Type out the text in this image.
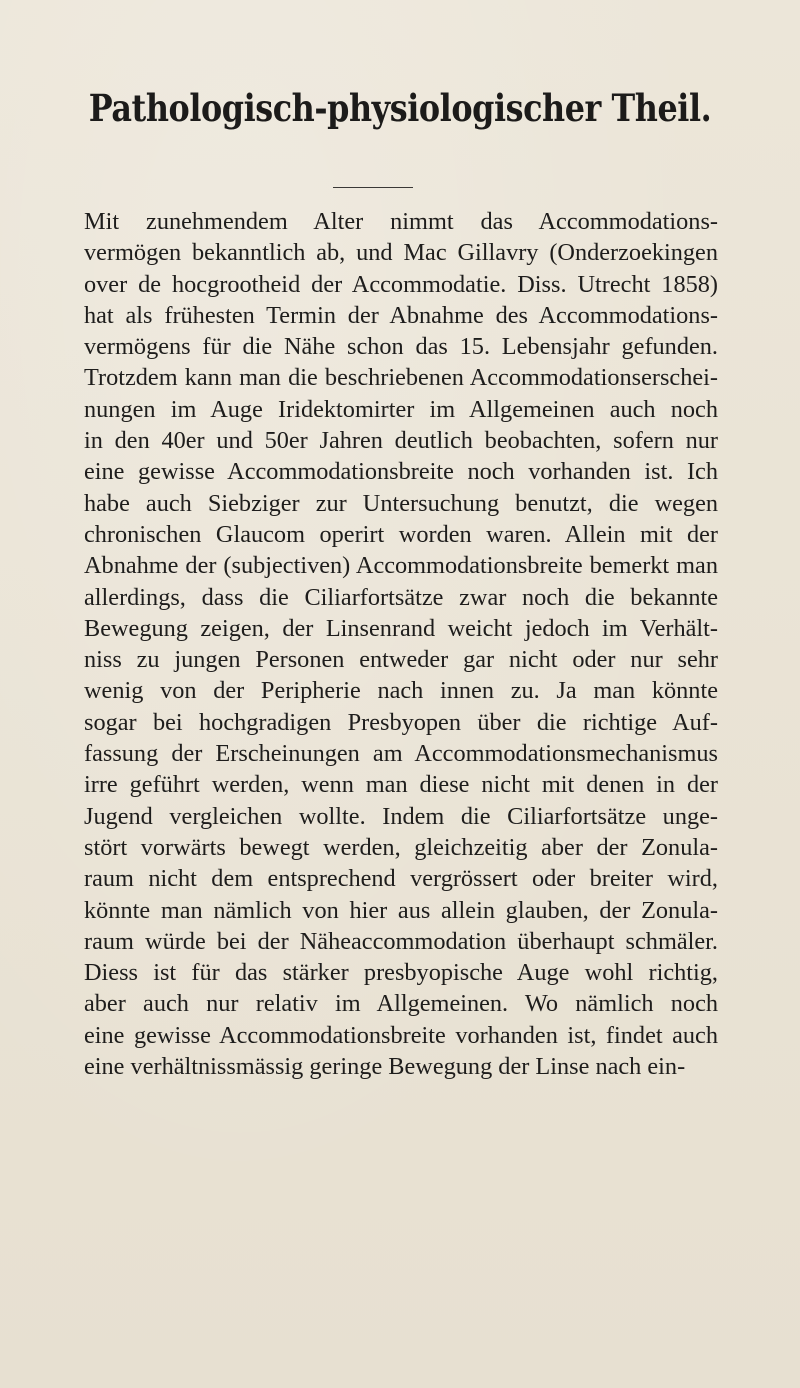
Pathologisch-physiologischer Theil.
Mit zunehmendem Alter nimmt das Accommodations-
vermögen bekanntlich ab, und Mac Gillavry (Onderzoekingen
over de hocgrootheid der Accommodatie. Diss. Utrecht 1858)
hat als frühesten Termin der Abnahme des Accommodations-
vermögens für die Nähe schon das 15. Lebensjahr gefunden.
Trotzdem kann man die beschriebenen Accommodationserschei-
nungen im Auge Iridektomirter im Allgemeinen auch noch
in den 40er und 50er Jahren deutlich beobachten, sofern nur
eine gewisse Accommodationsbreite noch vorhanden ist. Ich
habe auch Siebziger zur Untersuchung benutzt, die wegen
chronischen Glaucom operirt worden waren. Allein mit der
Abnahme der (subjectiven) Accommodationsbreite bemerkt man
allerdings, dass die Ciliarfortsätze zwar noch die bekannte
Bewegung zeigen, der Linsenrand weicht jedoch im Verhält-
niss zu jungen Personen entweder gar nicht oder nur sehr
wenig von der Peripherie nach innen zu. Ja man könnte
sogar bei hochgradigen Presbyopen über die richtige Auf-
fassung der Erscheinungen am Accommodationsmechanismus
irre geführt werden, wenn man diese nicht mit denen in der
Jugend vergleichen wollte. Indem die Ciliarfortsätze unge-
stört vorwärts bewegt werden, gleichzeitig aber der Zonula-
raum nicht dem entsprechend vergrössert oder breiter wird,
könnte man nämlich von hier aus allein glauben, der Zonula-
raum würde bei der Näheaccommodation überhaupt schmäler.
Diess ist für das stärker presbyopische Auge wohl richtig,
aber auch nur relativ im Allgemeinen. Wo nämlich noch
eine gewisse Accommodationsbreite vorhanden ist, findet auch
eine verhältnissmässig geringe Bewegung der Linse nach ein-
